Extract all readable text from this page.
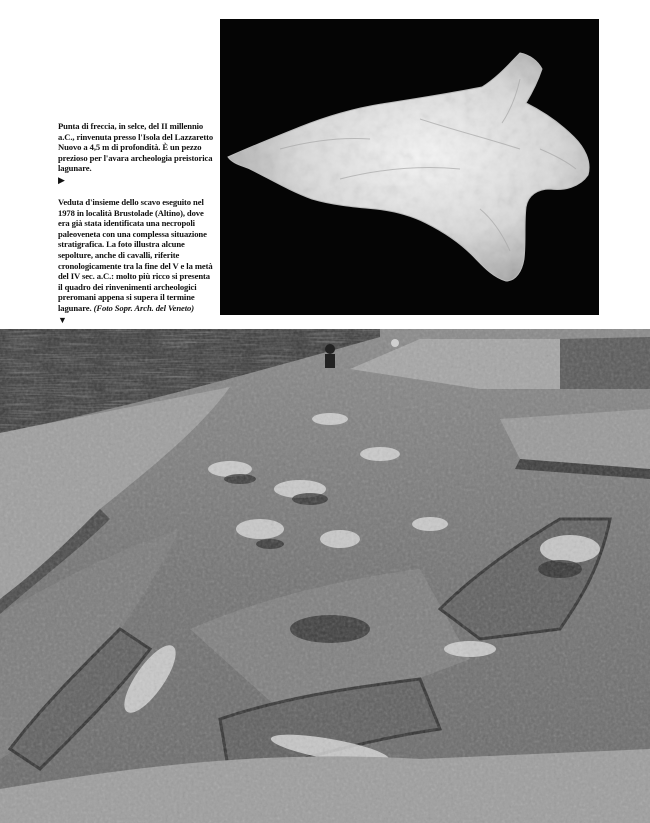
Punta di freccia, in selce, del II millennio a.C., rinvenuta presso l'Isola del Lazzaretto Nuovo a 4,5 m di profondità. È un pezzo prezioso per l'avara archeologia preistorica lagunare.

▶

Veduta d'insieme dello scavo eseguito nel 1978 in località Brustolade (Altino), dove era già stata identificata una necropoli paleoveneta con una complessa situazione stratigrafica. La foto illustra alcune sepolture, anche di cavalli, riferite cronologicamente tra la fine del V e la metà del IV sec. a.C.: molto più ricco si presenta il quadro dei rinvenimenti archeologici preromani appena si supera il termine lagunare. (Foto Sopr. Arch. del Veneto)

▼
